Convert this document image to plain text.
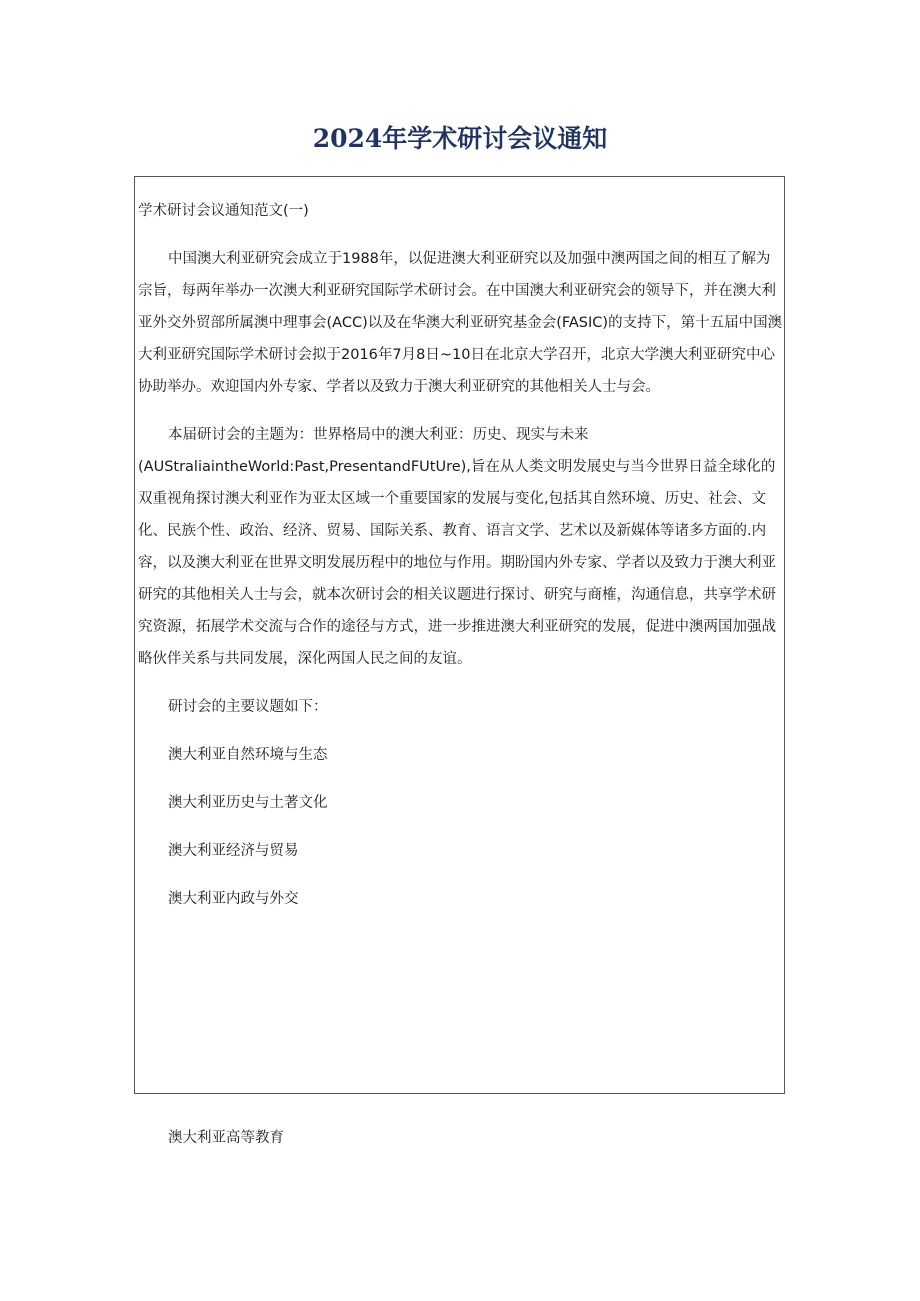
2024年学术研讨会议通知

学术研讨会议通知范文(一)

中国澳大利亚研究会成立于1988年，以促进澳大利亚研究以及加强中澳两国之间的相互了解为宗旨，每两年举办一次澳大利亚研究国际学术研讨会。在中国澳大利亚研究会的领导下，并在澳大利亚外交外贸部所属澳中理事会(ACC)以及在华澳大利亚研究基金会(FASIC)的支持下，第十五届中国澳大利亚研究国际学术研讨会拟于2016年7月8日~10日在北京大学召开，北京大学澳大利亚研究中心协助举办。欢迎国内外专家、学者以及致力于澳大利亚研究的其他相关人士与会。

本届研讨会的主题为：世界格局中的澳大利亚：历史、现实与未来

(AUStraliaintheWorld:Past,PresentandFUtUre),旨在从人类文明发展史与当今世界日益全球化的双重视角探讨澳大利亚作为亚太区域一个重要国家的发展与变化,包括其自然环境、历史、社会、文化、民族个性、政治、经济、贸易、国际关系、教育、语言文学、艺术以及新媒体等诸多方面的.内容，以及澳大利亚在世界文明发展历程中的地位与作用。期盼国内外专家、学者以及致力于澳大利亚研究的其他相关人士与会，就本次研讨会的相关议题进行探讨、研究与商榷，沟通信息，共享学术研究资源，拓展学术交流与合作的途径与方式，进一步推进澳大利亚研究的发展，促进中澳两国加强战略伙伴关系与共同发展，深化两国人民之间的友谊。

研讨会的主要议题如下：

澳大利亚自然环境与生态

澳大利亚历史与土著文化

澳大利亚经济与贸易

澳大利亚内政与外交

澳大利亚高等教育
